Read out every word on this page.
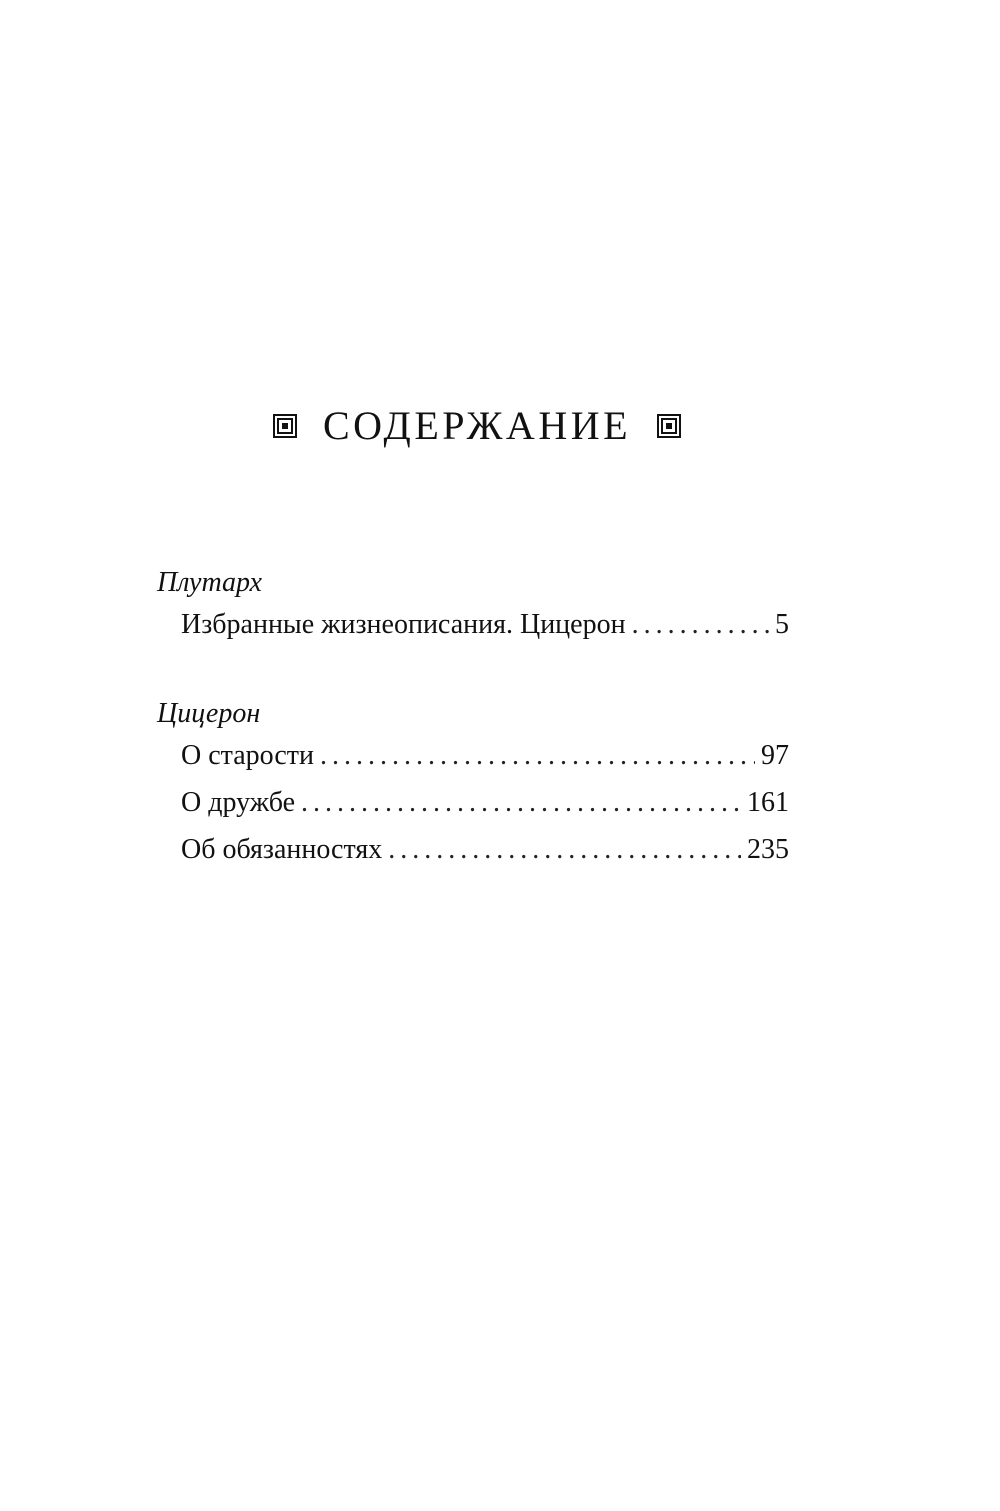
СОДЕРЖАНИЕ
Плутарх
Избранные жизнеописания. Цицерон . . .	5
Цицерон
О старости . . .	97
О дружбе . . .	161
Об обязанностях . . .	235
